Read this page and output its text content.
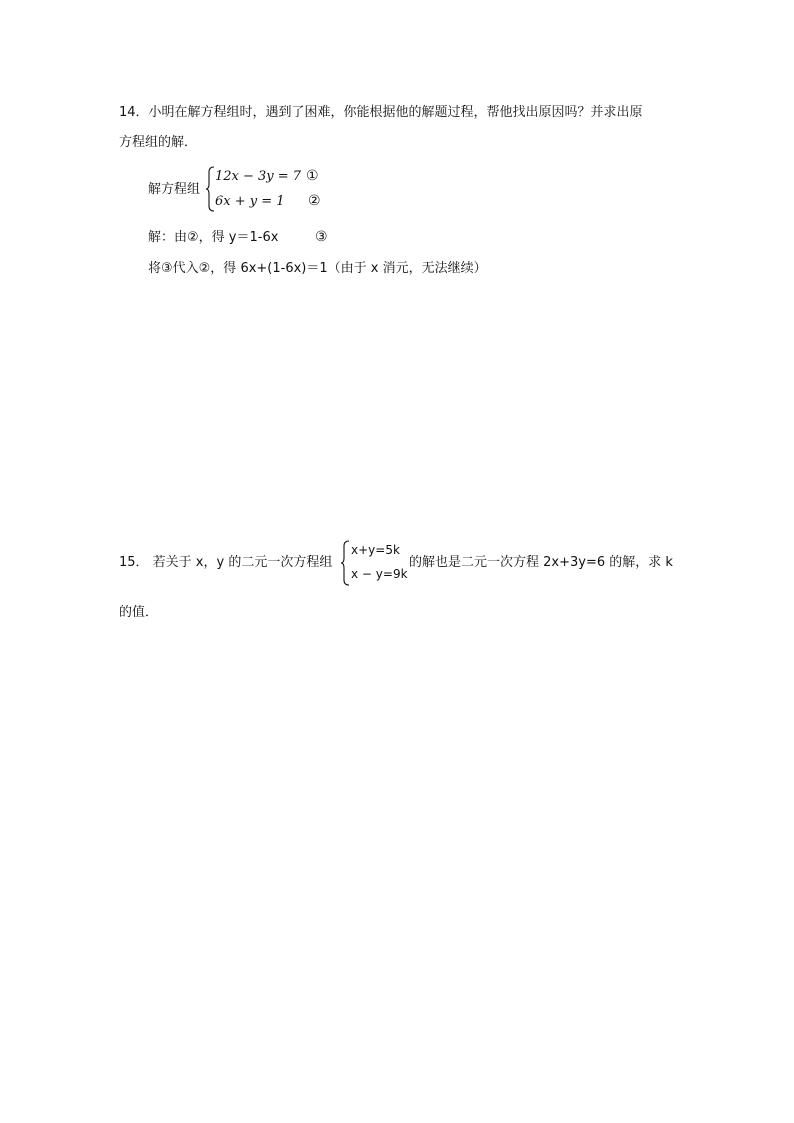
14．小明在解方程组时，遇到了困难，你能根据他的解题过程，帮他找出原因吗？并求出原
方程组的解．
解方程组
12x − 3y = 7 ①
6x + y = 1 ②
解：由②，得 y＝1-6x	③
将③代入②，得 6x+(1-6x)＝1（由于 x 消元，无法继续）
15． 若关于 x，y 的二元一次方程组
x+y=5k
x − y=9k
的解也是二元一次方程 2x+3y=6 的解，求 k
的值．
